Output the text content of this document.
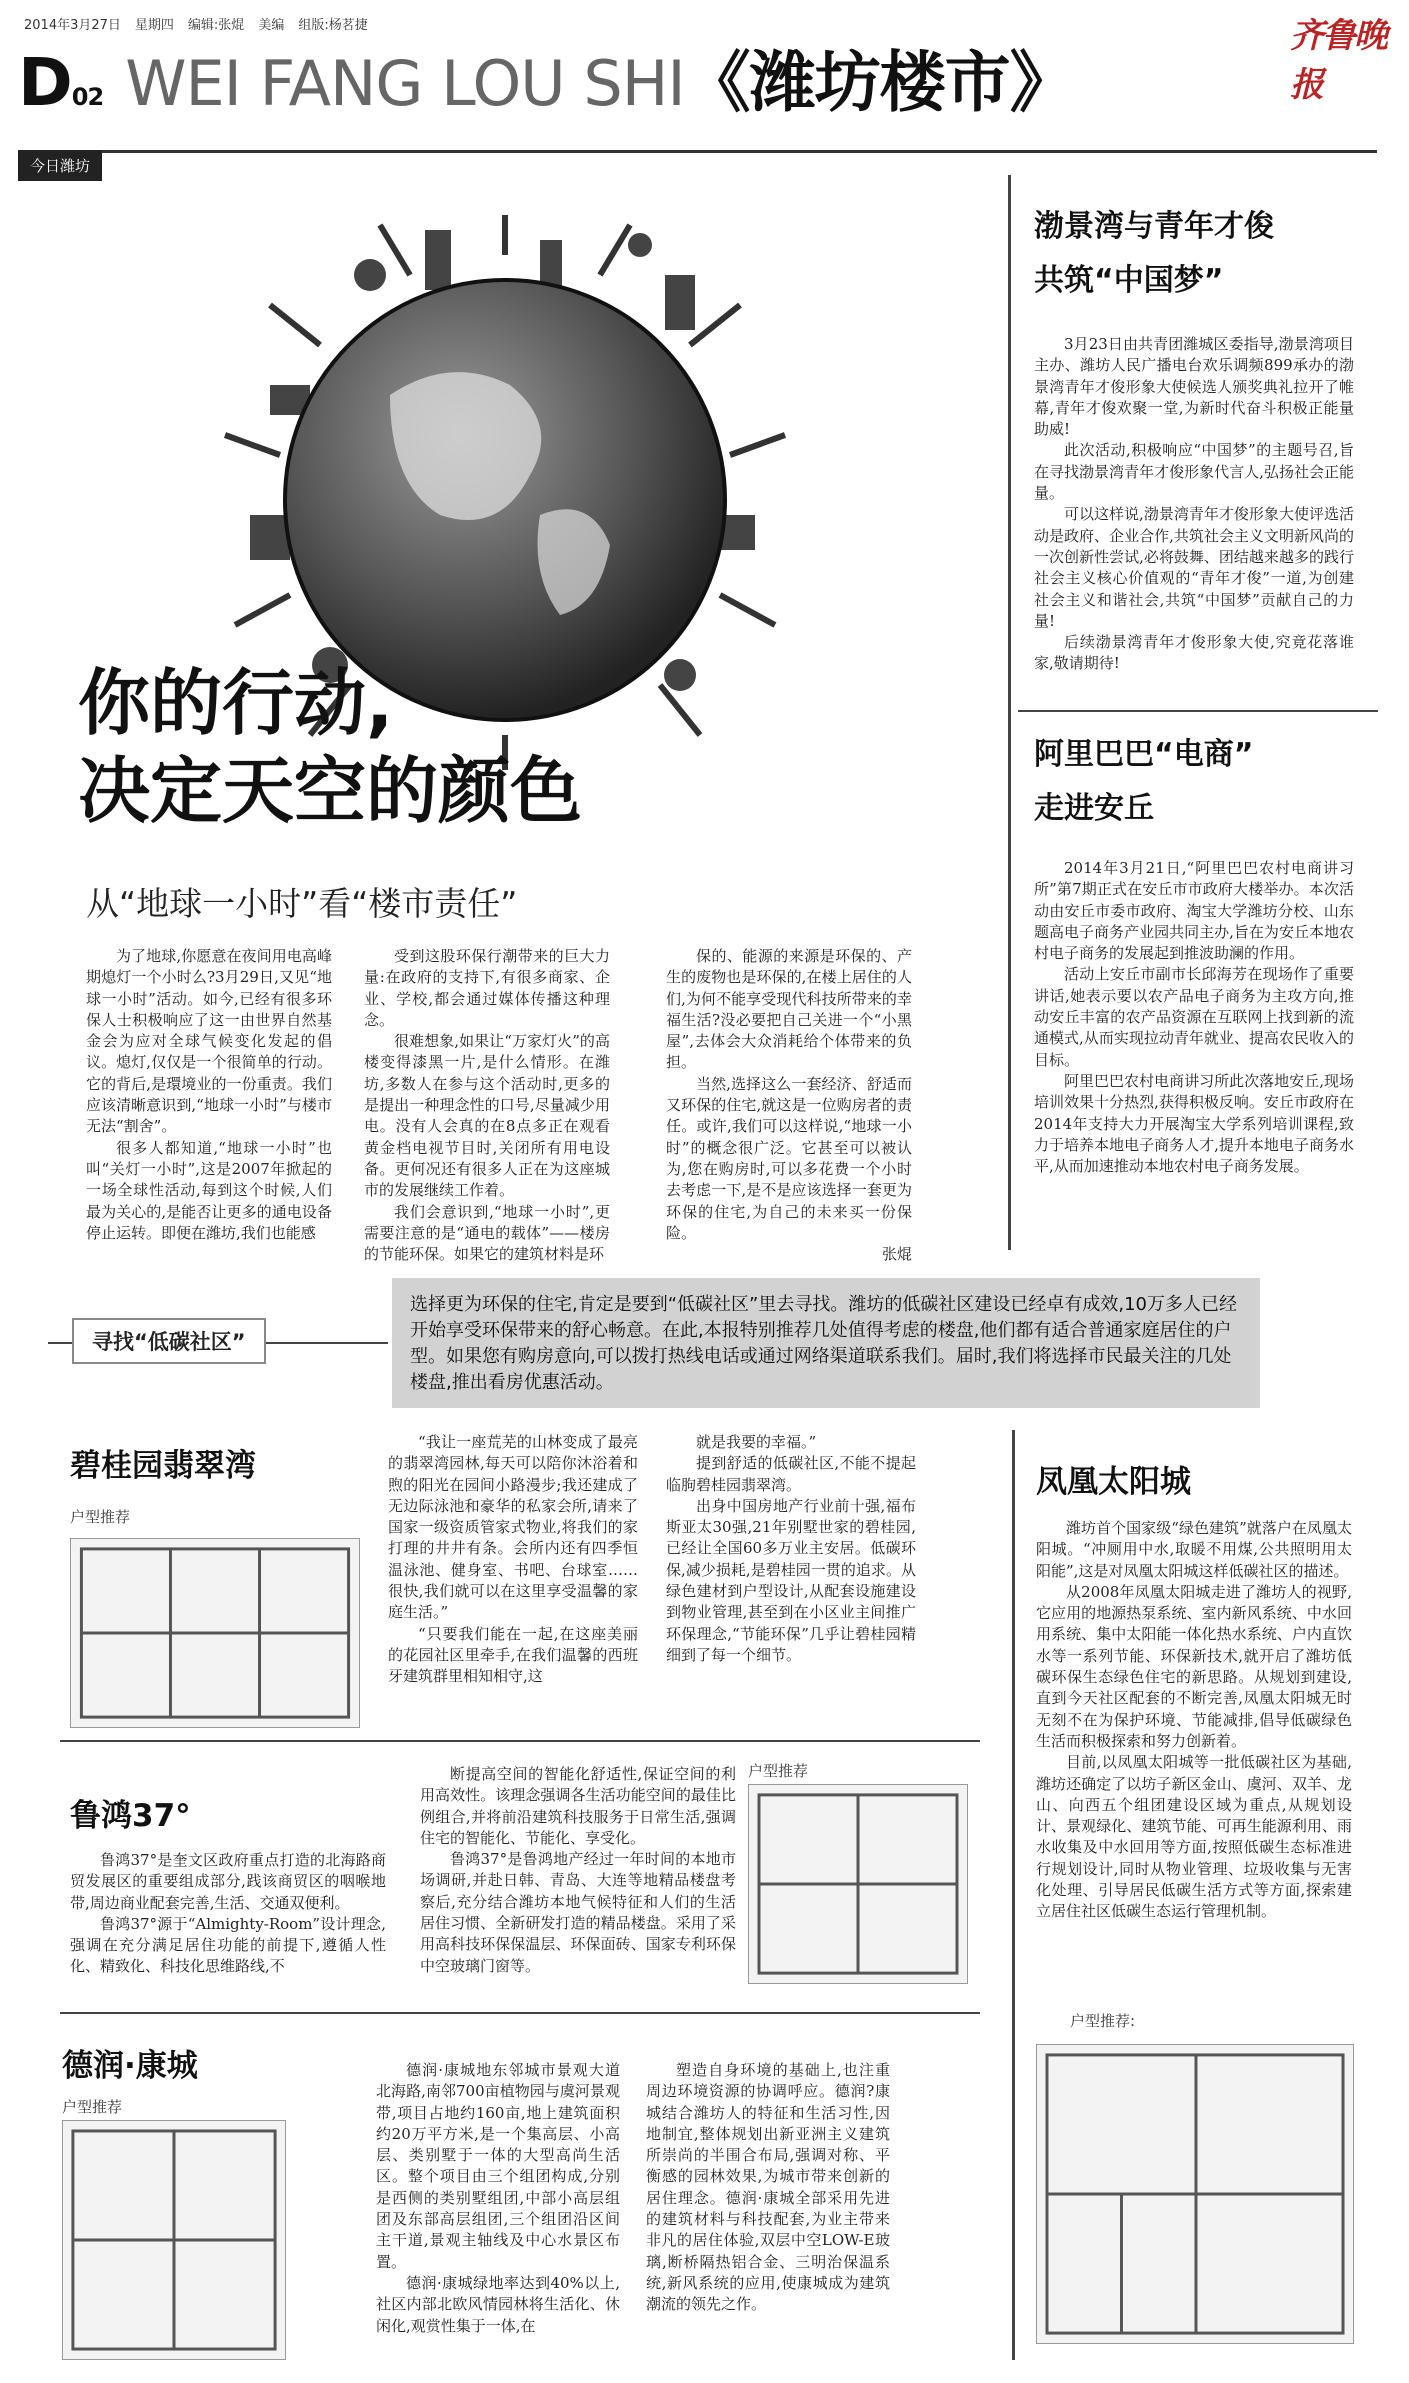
2014年3月27日 星期四 编辑:张焜 美编 组版:杨茗捷	齐鲁晚报
D02 WEI FANG LOU SHI《潍坊楼市》
今日潍坊
你的行动,
决定天空的颜色
从“地球一小时”看“楼市责任”

为了地球,你愿意在夜间用电高峰期熄灯一个小时么?3月29日,又见“地球一小时”活动。如今,已经有很多环保人士积极响应了这一由世界自然基金会为应对全球气候变化发起的倡议。熄灯,仅仅是一个很简单的行动。它的背后,是環境业的一份重责。我们应该清晰意识到,“地球一小时”与楼市无法“割舍”。

很多人都知道,“地球一小时”也叫“关灯一小时”,这是2007年掀起的一场全球性活动,每到这个时候,人们最为关心的,是能否让更多的通电设备停止运转。即便在潍坊,我们也能感

受到这股环保行潮带来的巨大力量:在政府的支持下,有很多商家、企业、学校,都会通过媒体传播这种理念。

很难想象,如果让“万家灯火”的高楼变得漆黑一片,是什么情形。在潍坊,多数人在参与这个活动时,更多的是提出一种理念性的口号,尽量减少用电。没有人会真的在8点多正在观看黄金档电视节目时,关闭所有用电设备。更何况还有很多人正在为这座城市的发展继续工作着。

我们会意识到,“地球一小时”,更需要注意的是“通电的载体”——楼房的节能环保。如果它的建筑材料是环

保的、能源的来源是环保的、产生的废物也是环保的,在楼上居住的人们,为何不能享受现代科技所带来的幸福生活?没必要把自己关进一个“小黑屋”,去体会大众消耗给个体带来的负担。

当然,选择这么一套经济、舒适而又环保的住宅,就这是一位购房者的责任。或许,我们可以这样说,“地球一小时”的概念很广泛。它甚至可以被认为,您在购房时,可以多花费一个小时去考虑一下,是不是应该选择一套更为环保的住宅,为自己的未来买一份保险。

张焜
渤景湾与青年才俊
共筑“中国梦”

3月23日由共青团潍城区委指导,渤景湾项目主办、潍坊人民广播电台欢乐调频899承办的渤景湾青年才俊形象大使候选人颁奖典礼拉开了帷幕,青年才俊欢聚一堂,为新时代奋斗积极正能量助威!

此次活动,积极响应“中国梦”的主题号召,旨在寻找渤景湾青年才俊形象代言人,弘扬社会正能量。

可以这样说,渤景湾青年才俊形象大使评选活动是政府、企业合作,共筑社会主义文明新风尚的一次创新性尝试,必将鼓舞、团结越来越多的践行社会主义核心价值观的“青年才俊”一道,为创建社会主义和谐社会,共筑“中国梦”贡献自己的力量!

后续渤景湾青年才俊形象大使,究竟花落谁家,敬请期待!

阿里巴巴“电商”
走进安丘

2014年3月21日,“阿里巴巴农村电商讲习所”第7期正式在安丘市市政府大楼举办。本次活动由安丘市委市政府、淘宝大学潍坊分校、山东题高电子商务产业园共同主办,旨在为安丘本地农村电子商务的发展起到推波助澜的作用。

活动上安丘市副市长邱海芳在现场作了重要讲话,她表示要以农产品电子商务为主攻方向,推动安丘丰富的农产品资源在互联网上找到新的流通模式,从而实现拉动青年就业、提高农民收入的目标。

阿里巴巴农村电商讲习所此次落地安丘,现场培训效果十分热烈,获得积极反响。安丘市政府在2014年支持大力开展淘宝大学系列培训课程,致力于培养本地电子商务人才,提升本地电子商务水平,从而加速推动本地农村电子商务发展。

寻找“低碳社区”
选择更为环保的住宅,肯定是要到“低碳社区”里去寻找。潍坊的低碳社区建设已经卓有成效,10万多人已经开始享受环保带来的舒心畅意。在此,本报特别推荐几处值得考虑的楼盘,他们都有适合普通家庭居住的户型。如果您有购房意向,可以拨打热线电话或通过网络渠道联系我们。届时,我们将选择市民最关注的几处楼盘,推出看房优惠活动。
碧桂园翡翠湾
户型推荐

“我让一座荒芜的山林变成了最亮的翡翠湾园林,每天可以陪你沐浴着和煦的阳光在园间小路漫步;我还建成了无边际泳池和豪华的私家会所,请来了国家一级资质管家式物业,将我们的家打理的井井有条。会所内还有四季恒温泳池、健身室、书吧、台球室……很快,我们就可以在这里享受温馨的家庭生活。”

“只要我们能在一起,在这座美丽的花园社区里牵手,在我们温馨的西班牙建筑群里相知相守,这

就是我要的幸福。”

提到舒适的低碳社区,不能不提起临朐碧桂园翡翠湾。

出身中国房地产行业前十强,福布斯亚太30强,21年别墅世家的碧桂园,已经让全国60多万业主安居。低碳环保,减少损耗,是碧桂园一贯的追求。从绿色建材到户型设计,从配套设施建设到物业管理,甚至到在小区业主间推广环保理念,“节能环保”几乎让碧桂园精细到了每一个细节。

鲁鸿37°

鲁鸿37°是奎文区政府重点打造的北海路商贸发展区的重要组成部分,践该商贸区的咽喉地带,周边商业配套完善,生活、交通双便利。

鲁鸿37°源于“Almighty-Room”设计理念,强调在充分满足居住功能的前提下,遵循人性化、精致化、科技化思维路线,不

断提高空间的智能化舒适性,保证空间的利用高效性。该理念强调各生活功能空间的最佳比例组合,并将前沿建筑科技服务于日常生活,强调住宅的智能化、节能化、享受化。

鲁鸿37°是鲁鸿地产经过一年时间的本地市场调研,并赴日韩、青岛、大连等地精品楼盘考察后,充分结合潍坊本地气候特征和人们的生活居住习惯、全新研发打造的精品楼盘。采用了采用高科技环保保温层、环保面砖、国家专利环保中空玻璃门窗等。

户型推荐
德润·康城
户型推荐

德润·康城地东邻城市景观大道北海路,南邻700亩植物园与虞河景观带,项目占地约160亩,地上建筑面积约20万平方米,是一个集高层、小高层、类别墅于一体的大型高尚生活区。整个项目由三个组团构成,分别是西侧的类别墅组团,中部小高层组团及东部高层组团,三个组团沿区间主干道,景观主轴线及中心水景区布置。

德润·康城绿地率达到40%以上,社区内部北欧风情园林将生活化、休闲化,观赏性集于一体,在

塑造自身环境的基础上,也注重周边环境资源的协调呼应。德润?康城结合潍坊人的特征和生活习性,因地制宜,整体规划出新亚洲主义建筑所崇尚的半围合布局,强调对称、平衡感的园林效果,为城市带来创新的居住理念。德润·康城全部采用先进的建筑材料与科技配套,为业主带来非凡的居住体验,双层中空LOW-E玻璃,断桥隔热铝合金、三明治保温系统,新风系统的应用,使康城成为建筑潮流的领先之作。

凤凰太阳城

潍坊首个国家级“绿色建筑”就落户在凤凰太阳城。“冲厕用中水,取暖不用煤,公共照明用太阳能”,这是对凤凰太阳城这样低碳社区的描述。

从2008年凤凰太阳城走进了潍坊人的视野,它应用的地源热泵系统、室内新风系统、中水回用系统、集中太阳能一体化热水系统、户内直饮水等一系列节能、环保新技术,就开启了潍坊低碳环保生态绿色住宅的新思路。从规划到建设,直到今天社区配套的不断完善,凤凰太阳城无时无刻不在为保护环境、节能减排,倡导低碳绿色生活而积极探索和努力创新着。

目前,以凤凰太阳城等一批低碳社区为基础,潍坊还确定了以坊子新区金山、虞河、双羊、龙山、向西五个组团建设区域为重点,从规划设计、景观绿化、建筑节能、可再生能源利用、雨水收集及中水回用等方面,按照低碳生态标准进行规划设计,同时从物业管理、垃圾收集与无害化处理、引导居民低碳生活方式等方面,探索建立居住社区低碳生态运行管理机制。

户型推荐:
